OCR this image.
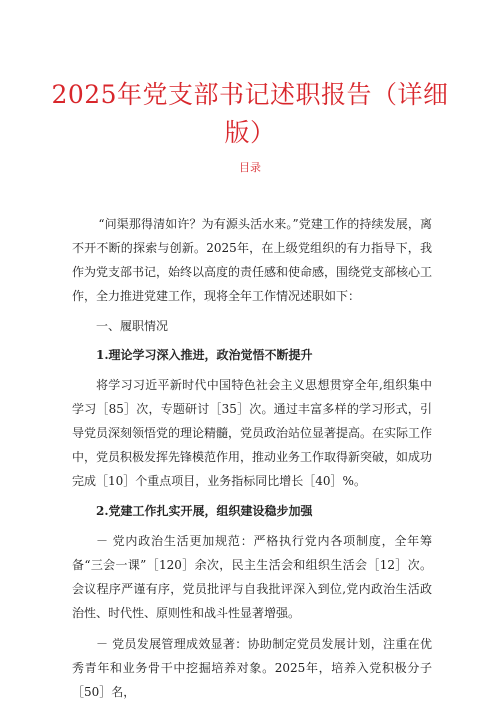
2025年党支部书记述职报告（详细版）
目录

“问渠那得清如许？为有源头活水来。”党建工作的持续发展，离不开不断的探索与创新。2025年，在上级党组织的有力指导下，我作为党支部书记，始终以高度的责任感和使命感，围绕党支部核心工作，全力推进党建工作，现将全年工作情况述职如下：

一、履职情况

1.理论学习深入推进，政治觉悟不断提升

将学习习近平新时代中国特色社会主义思想贯穿全年,组织集中学习［85］次，专题研讨［35］次。通过丰富多样的学习形式，引导党员深刻领悟党的理论精髓，党员政治站位显著提高。在实际工作中，党员积极发挥先锋模范作用，推动业务工作取得新突破，如成功完成［10］个重点项目，业务指标同比增长［40］%。

2.党建工作扎实开展，组织建设稳步加强

－ 党内政治生活更加规范：严格执行党内各项制度，全年筹备“三会一课”［120］余次，民主生活会和组织生活会［12］次。会议程序严谨有序，党员批评与自我批评深入到位,党内政治生活政治性、时代性、原则性和战斗性显著增强。

－ 党员发展管理成效显著：协助制定党员发展计划，注重在优秀青年和业务骨干中挖掘培养对象。2025年，培养入党积极分子［50］名，
